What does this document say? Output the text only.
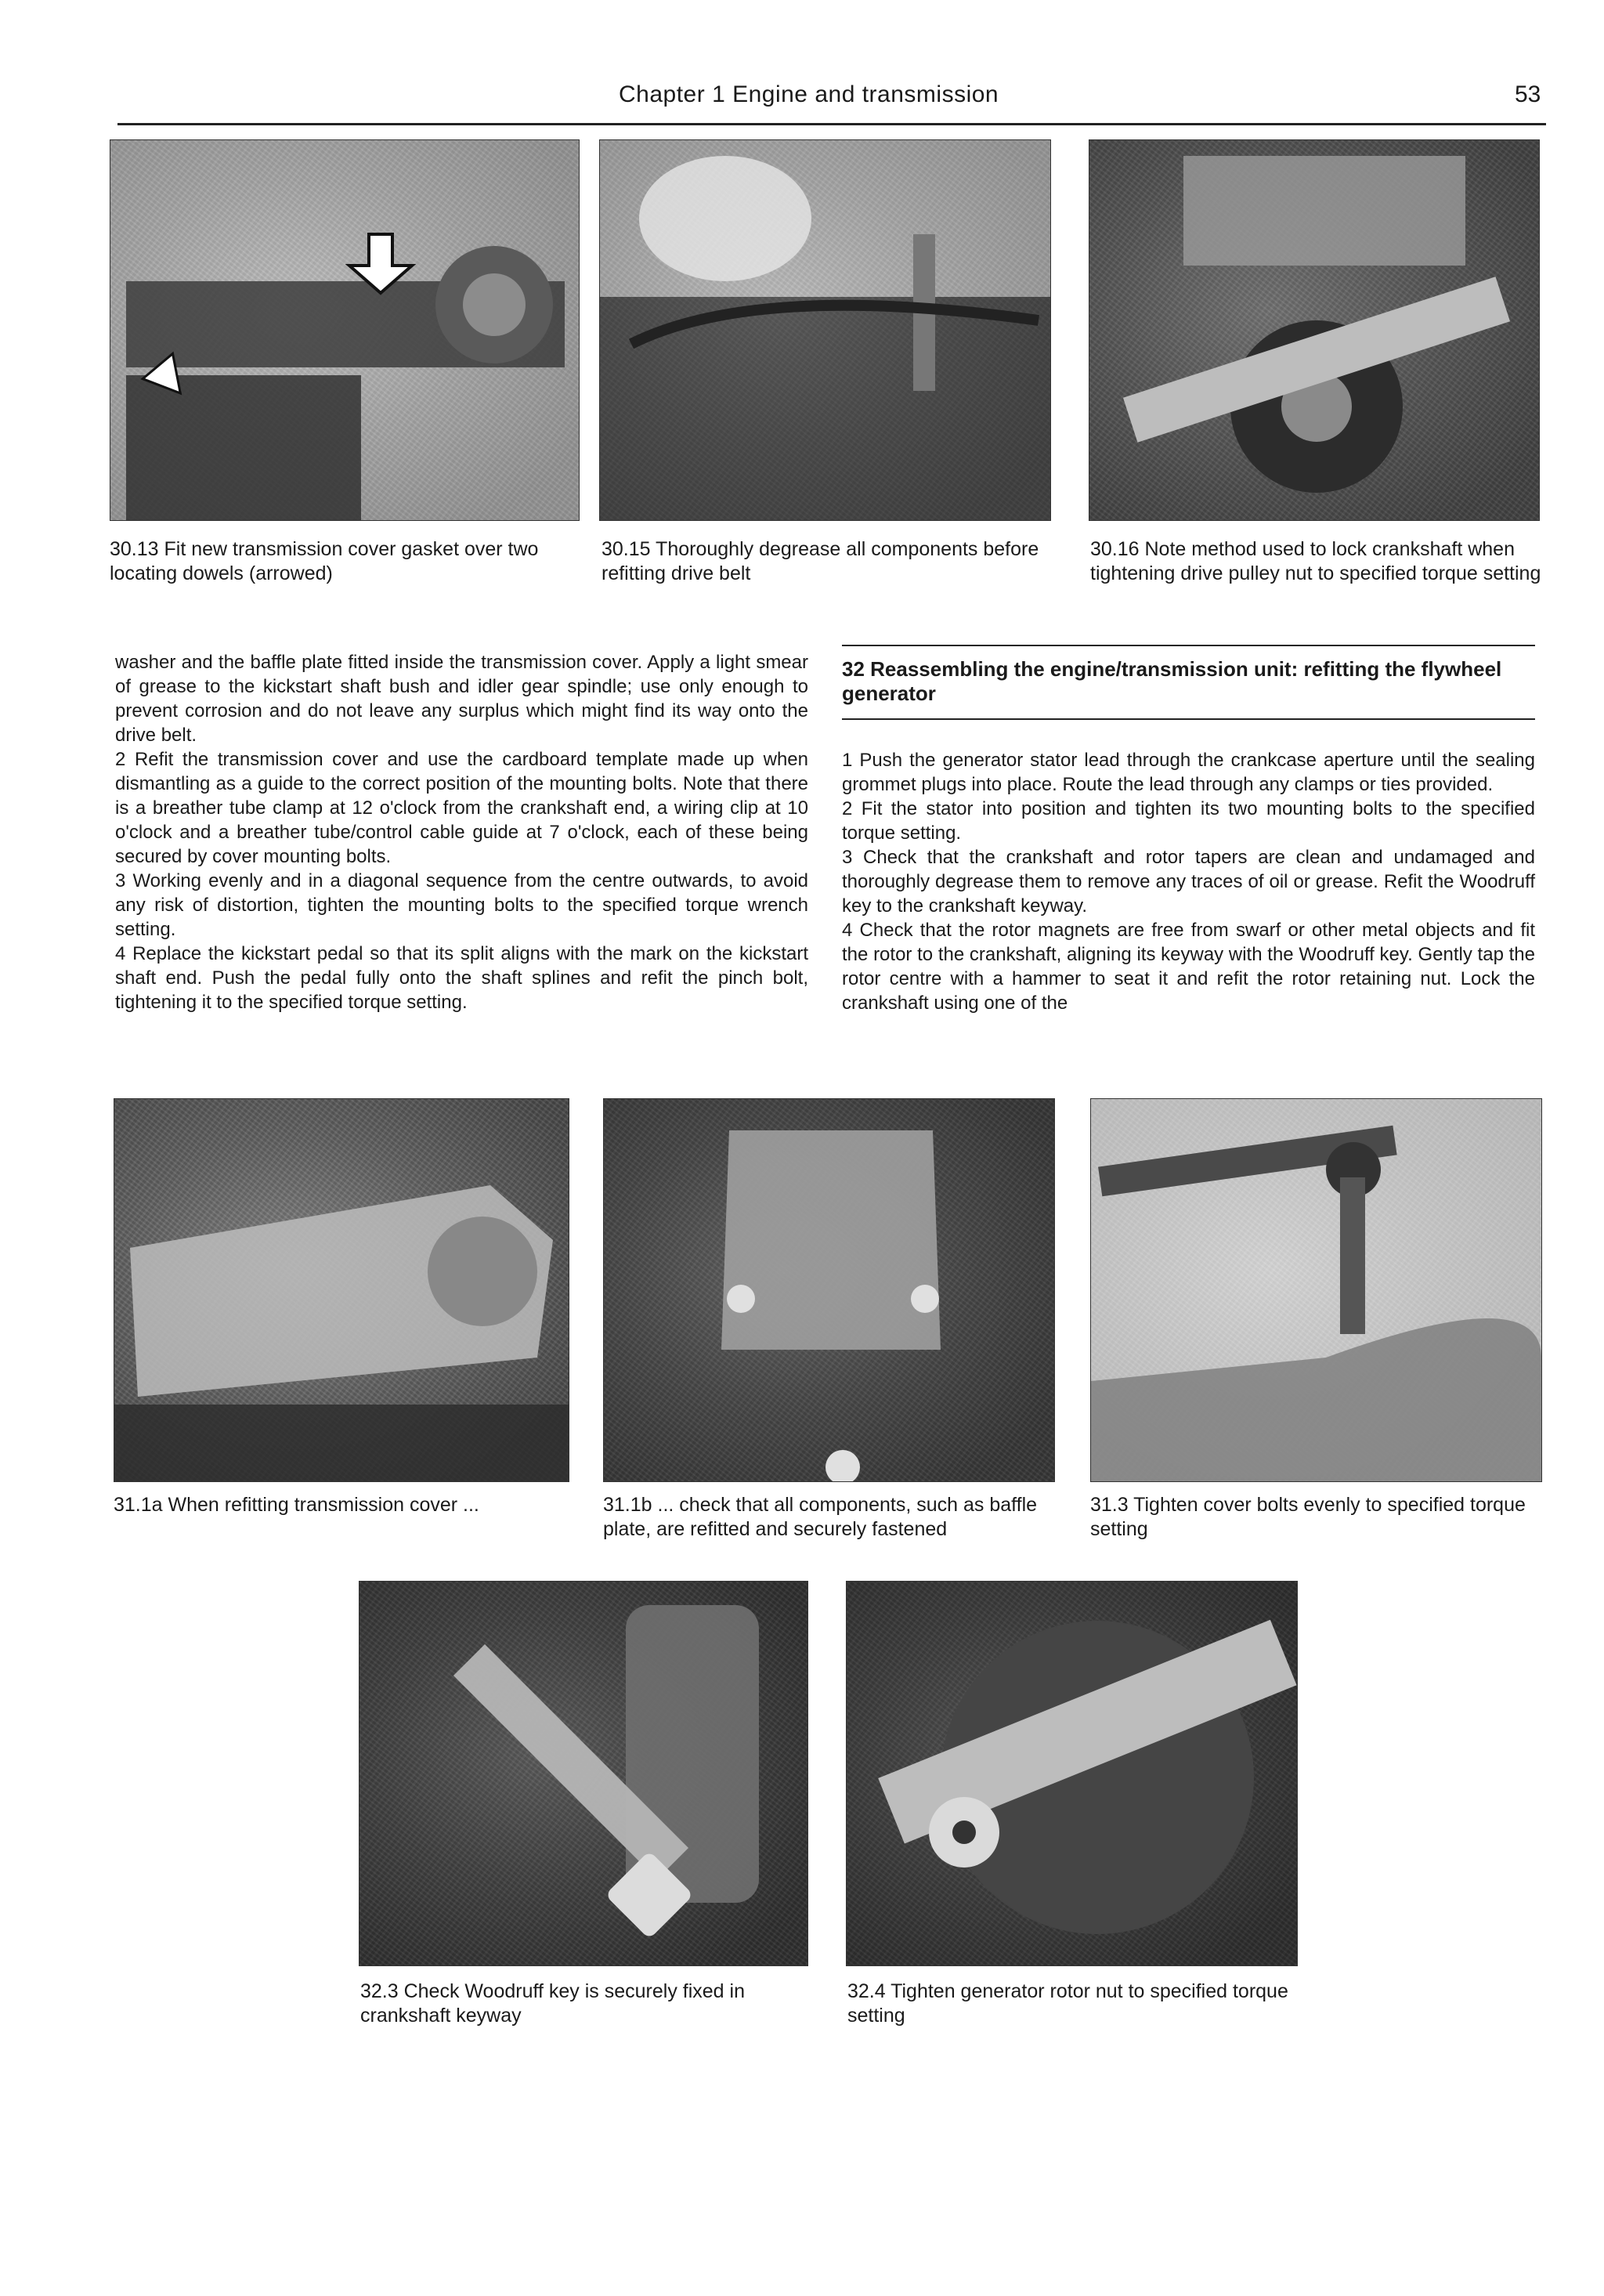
Chapter 1 Engine and transmission	53
30.13 Fit new transmission cover gasket over two locating dowels (arrowed)
30.15 Thoroughly degrease all components before refitting drive belt
30.16 Note method used to lock crankshaft when tightening drive pulley nut to specified torque setting

washer and the baffle plate fitted inside the transmission cover. Apply a light smear of grease to the kickstart shaft bush and idler gear spindle; use only enough to prevent corrosion and do not leave any surplus which might find its way onto the drive belt.

2 Refit the transmission cover and use the cardboard template made up when dismantling as a guide to the correct position of the mounting bolts. Note that there is a breather tube clamp at 12 o'clock from the crankshaft end, a wiring clip at 10 o'clock and a breather tube/control cable guide at 7 o'clock, each of these being secured by cover mounting bolts.

3 Working evenly and in a diagonal sequence from the centre outwards, to avoid any risk of distortion, tighten the mounting bolts to the specified torque wrench setting.

4 Replace the kickstart pedal so that its split aligns with the mark on the kickstart shaft end. Push the pedal fully onto the shaft splines and refit the pinch bolt, tightening it to the specified torque setting.

32 Reassembling the engine/transmission unit: refitting the flywheel generator

1 Push the generator stator lead through the crankcase aperture until the sealing grommet plugs into place. Route the lead through any clamps or ties provided.

2 Fit the stator into position and tighten its two mounting bolts to the specified torque setting.

3 Check that the crankshaft and rotor tapers are clean and undamaged and thoroughly degrease them to remove any traces of oil or grease. Refit the Woodruff key to the crankshaft keyway.

4 Check that the rotor magnets are free from swarf or other metal objects and fit the rotor to the crankshaft, aligning its keyway with the Woodruff key. Gently tap the rotor centre with a hammer to seat it and refit the rotor retaining nut. Lock the crankshaft using one of the

31.1a When refitting transmission cover ...	31.1b ... check that all components, such as baffle plate, are refitted and securely fastened
31.3 Tighten cover bolts evenly to specified torque setting
32.3 Check Woodruff key is securely fixed in crankshaft keyway
32.4 Tighten generator rotor nut to specified torque setting
